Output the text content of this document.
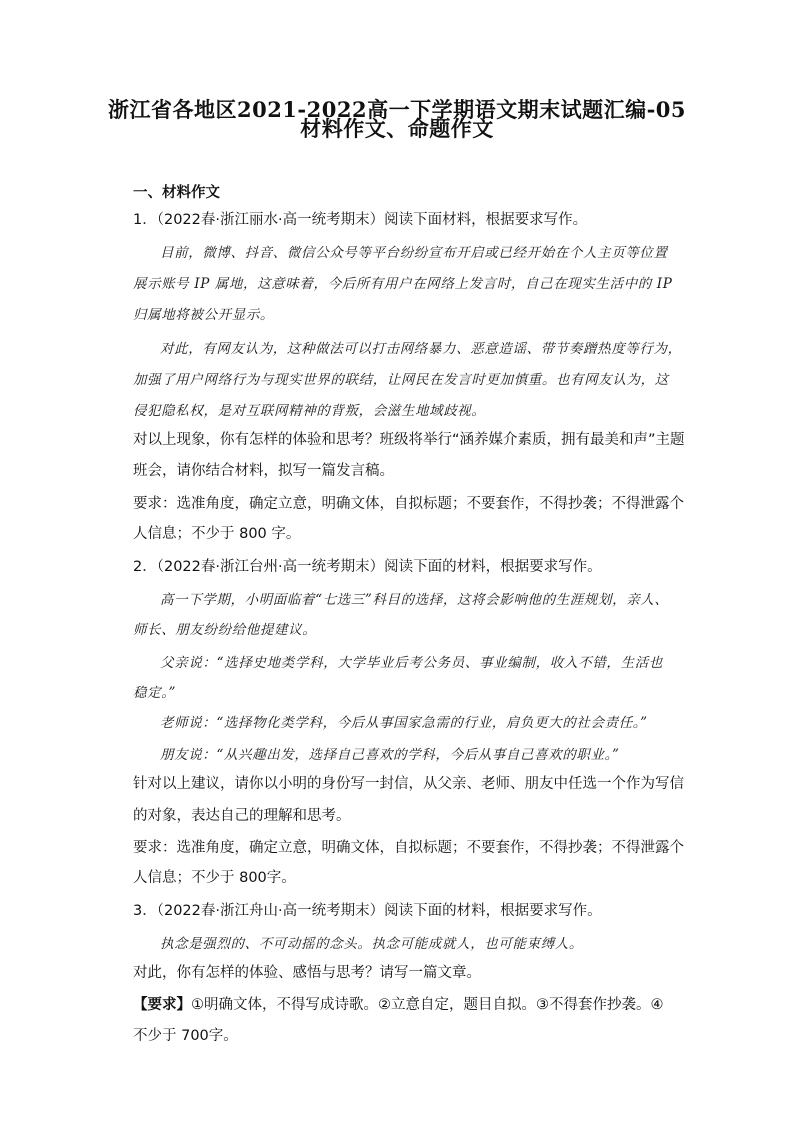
浙江省各地区2021-2022高一下学期语文期末试题汇编-05
材料作文、命题作文
一、材料作文
1．（2022春·浙江丽水·高一统考期末）阅读下面材料，根据要求写作。
目前，微博、抖音、微信公众号等平台纷纷宣布开启或已经开始在个人主页等位置
展示账号 IP 属地，这意味着，今后所有用户在网络上发言时，自己在现实生活中的 IP
归属地将被公开显示。
对此，有网友认为，这种做法可以打击网络暴力、恶意造谣、带节奏蹭热度等行为，
加强了用户网络行为与现实世界的联结，让网民在发言时更加慎重。也有网友认为，这
侵犯隐私权，是对互联网精神的背叛，会滋生地域歧视。
对以上现象，你有怎样的体验和思考？班级将举行“涵养媒介素质，拥有最美和声”主题
班会，请你结合材料，拟写一篇发言稿。
要求：选准角度，确定立意，明确文体，自拟标题；不要套作，不得抄袭；不得泄露个
人信息；不少于 800 字。
2．（2022春·浙江台州·高一统考期末）阅读下面的材料，根据要求写作。
高一下学期，小明面临着“七选三”科目的选择，这将会影响他的生涯规划，亲人、
师长、朋友纷纷给他提建议。
父亲说：“选择史地类学科，大学毕业后考公务员、事业编制，收入不错，生活也
稳定。”
老师说：“选择物化类学科，今后从事国家急需的行业，肩负更大的社会责任。”
朋友说：“从兴趣出发，选择自己喜欢的学科，今后从事自己喜欢的职业。”
针对以上建议，请你以小明的身份写一封信，从父亲、老师、朋友中任选一个作为写信
的对象，表达自己的理解和思考。
要求：选准角度，确定立意，明确文体，自拟标题；不要套作，不得抄袭；不得泄露个
人信息；不少于 800字。
3．（2022春·浙江舟山·高一统考期末）阅读下面的材料，根据要求写作。
执念是强烈的、不可动摇的念头。执念可能成就人，也可能束缚人。
对此，你有怎样的体验、感悟与思考？请写一篇文章。
【要求】①明确文体，不得写成诗歌。②立意自定，题目自拟。③不得套作抄袭。④
不少于 700字。
